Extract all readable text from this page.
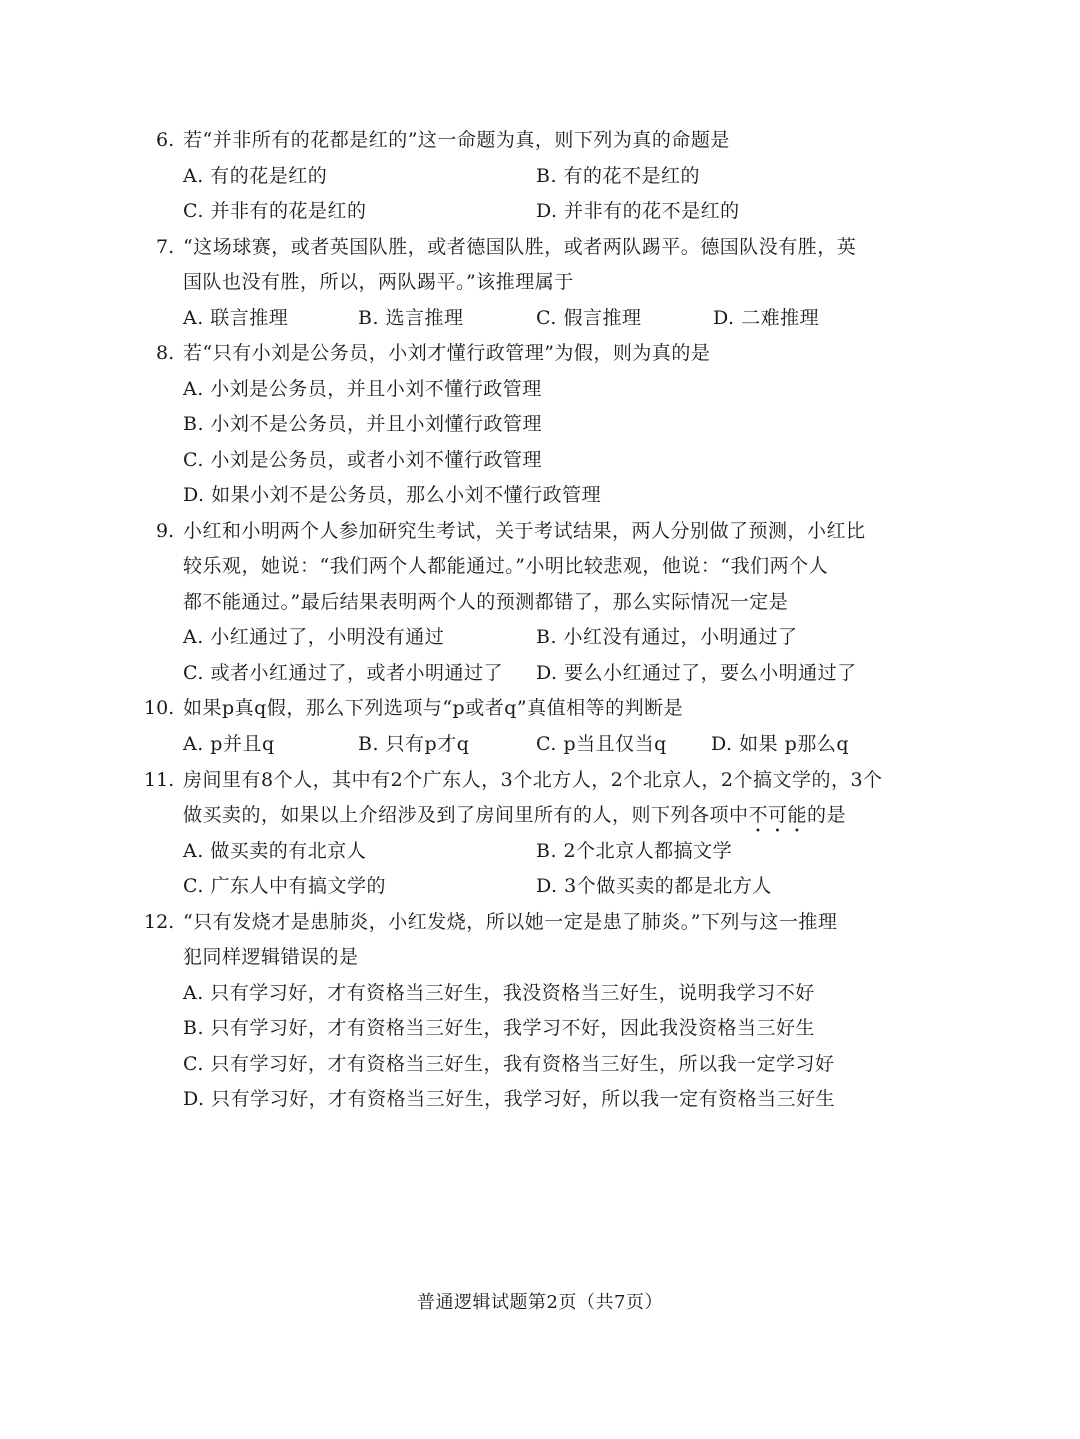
6. 若“并非所有的花都是红的”这一命题为真，则下列为真的命题是
A. 有的花是红的	B. 有的花不是红的
C. 并非有的花是红的	D. 并非有的花不是红的
7. “这场球赛，或者英国队胜，或者德国队胜，或者两队踢平。德国队没有胜，英
国队也没有胜，所以，两队踢平。”该推理属于
A. 联言推理	B. 选言推理	C. 假言推理	D. 二难推理
8. 若“只有小刘是公务员，小刘才懂行政管理”为假，则为真的是
A. 小刘是公务员，并且小刘不懂行政管理
B. 小刘不是公务员，并且小刘懂行政管理
C. 小刘是公务员，或者小刘不懂行政管理
D. 如果小刘不是公务员，那么小刘不懂行政管理
9. 小红和小明两个人参加研究生考试，关于考试结果，两人分别做了预测，小红比
较乐观，她说：“我们两个人都能通过。”小明比较悲观，他说：“我们两个人
都不能通过。”最后结果表明两个人的预测都错了，那么实际情况一定是
A. 小红通过了，小明没有通过	B. 小红没有通过，小明通过了
C. 或者小红通过了，或者小明通过了 D. 要么小红通过了，要么小明通过了
10. 如果p真q假，那么下列选项与“p或者q”真值相等的判断是
A. p并且q	B. 只有p才q	C. p当且仅当q D. 如果 p那么q
11. 房间里有8个人，其中有2个广东人，3个北方人，2个北京人，2个搞文学的，3个
做买卖的，如果以上介绍涉及到了房间里所有的人，则下列各项中不可能的是
A. 做买卖的有北京人	B. 2个北京人都搞文学
C. 广东人中有搞文学的	D. 3个做买卖的都是北方人
12. “只有发烧才是患肺炎，小红发烧，所以她一定是患了肺炎。”下列与这一推理
犯同样逻辑错误的是
A. 只有学习好，才有资格当三好生，我没资格当三好生，说明我学习不好
B. 只有学习好，才有资格当三好生，我学习不好，因此我没资格当三好生
C. 只有学习好，才有资格当三好生，我有资格当三好生，所以我一定学习好
D. 只有学习好，才有资格当三好生，我学习好，所以我一定有资格当三好生
普通逻辑试题第2页（共7页）
